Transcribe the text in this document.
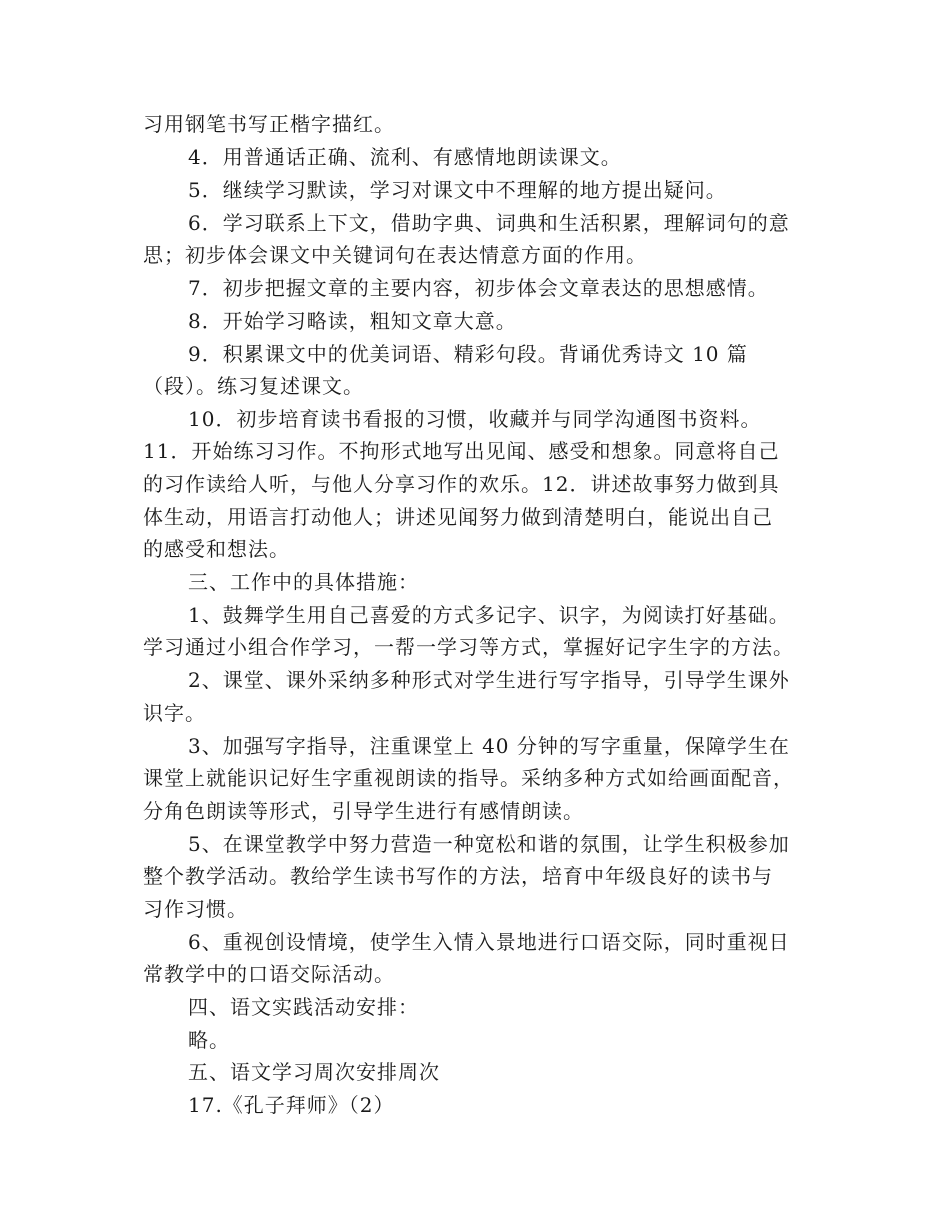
习用钢笔书写正楷字描红。
4．用普通话正确、流利、有感情地朗读课文。
5．继续学习默读，学习对课文中不理解的地方提出疑问。
6．学习联系上下文，借助字典、词典和生活积累，理解词句的意
思；初步体会课文中关键词句在表达情意方面的作用。
7．初步把握文章的主要内容，初步体会文章表达的思想感情。
8．开始学习略读，粗知文章大意。
9．积累课文中的优美词语、精彩句段。背诵优秀诗文 10 篇
（段）。练习复述课文。
10．初步培育读书看报的习惯，收藏并与同学沟通图书资料。
11．开始练习习作。不拘形式地写出见闻、感受和想象。同意将自己
的习作读给人听，与他人分享习作的欢乐。12．讲述故事努力做到具
体生动，用语言打动他人；讲述见闻努力做到清楚明白，能说出自己
的感受和想法。
三、工作中的具体措施：
1、鼓舞学生用自己喜爱的方式多记字、识字，为阅读打好基础。
学习通过小组合作学习，一帮一学习等方式，掌握好记字生字的方法。
2、课堂、课外采纳多种形式对学生进行写字指导，引导学生课外
识字。
3、加强写字指导，注重课堂上 40 分钟的写字重量，保障学生在
课堂上就能识记好生字重视朗读的指导。采纳多种方式如给画面配音，
分角色朗读等形式，引导学生进行有感情朗读。
5、在课堂教学中努力营造一种宽松和谐的氛围，让学生积极参加
整个教学活动。教给学生读书写作的方法，培育中年级良好的读书与
习作习惯。
6、重视创设情境，使学生入情入景地进行口语交际，同时重视日
常教学中的口语交际活动。
四、语文实践活动安排：
略。
五、语文学习周次安排周次
17.《孔子拜师》（2）
